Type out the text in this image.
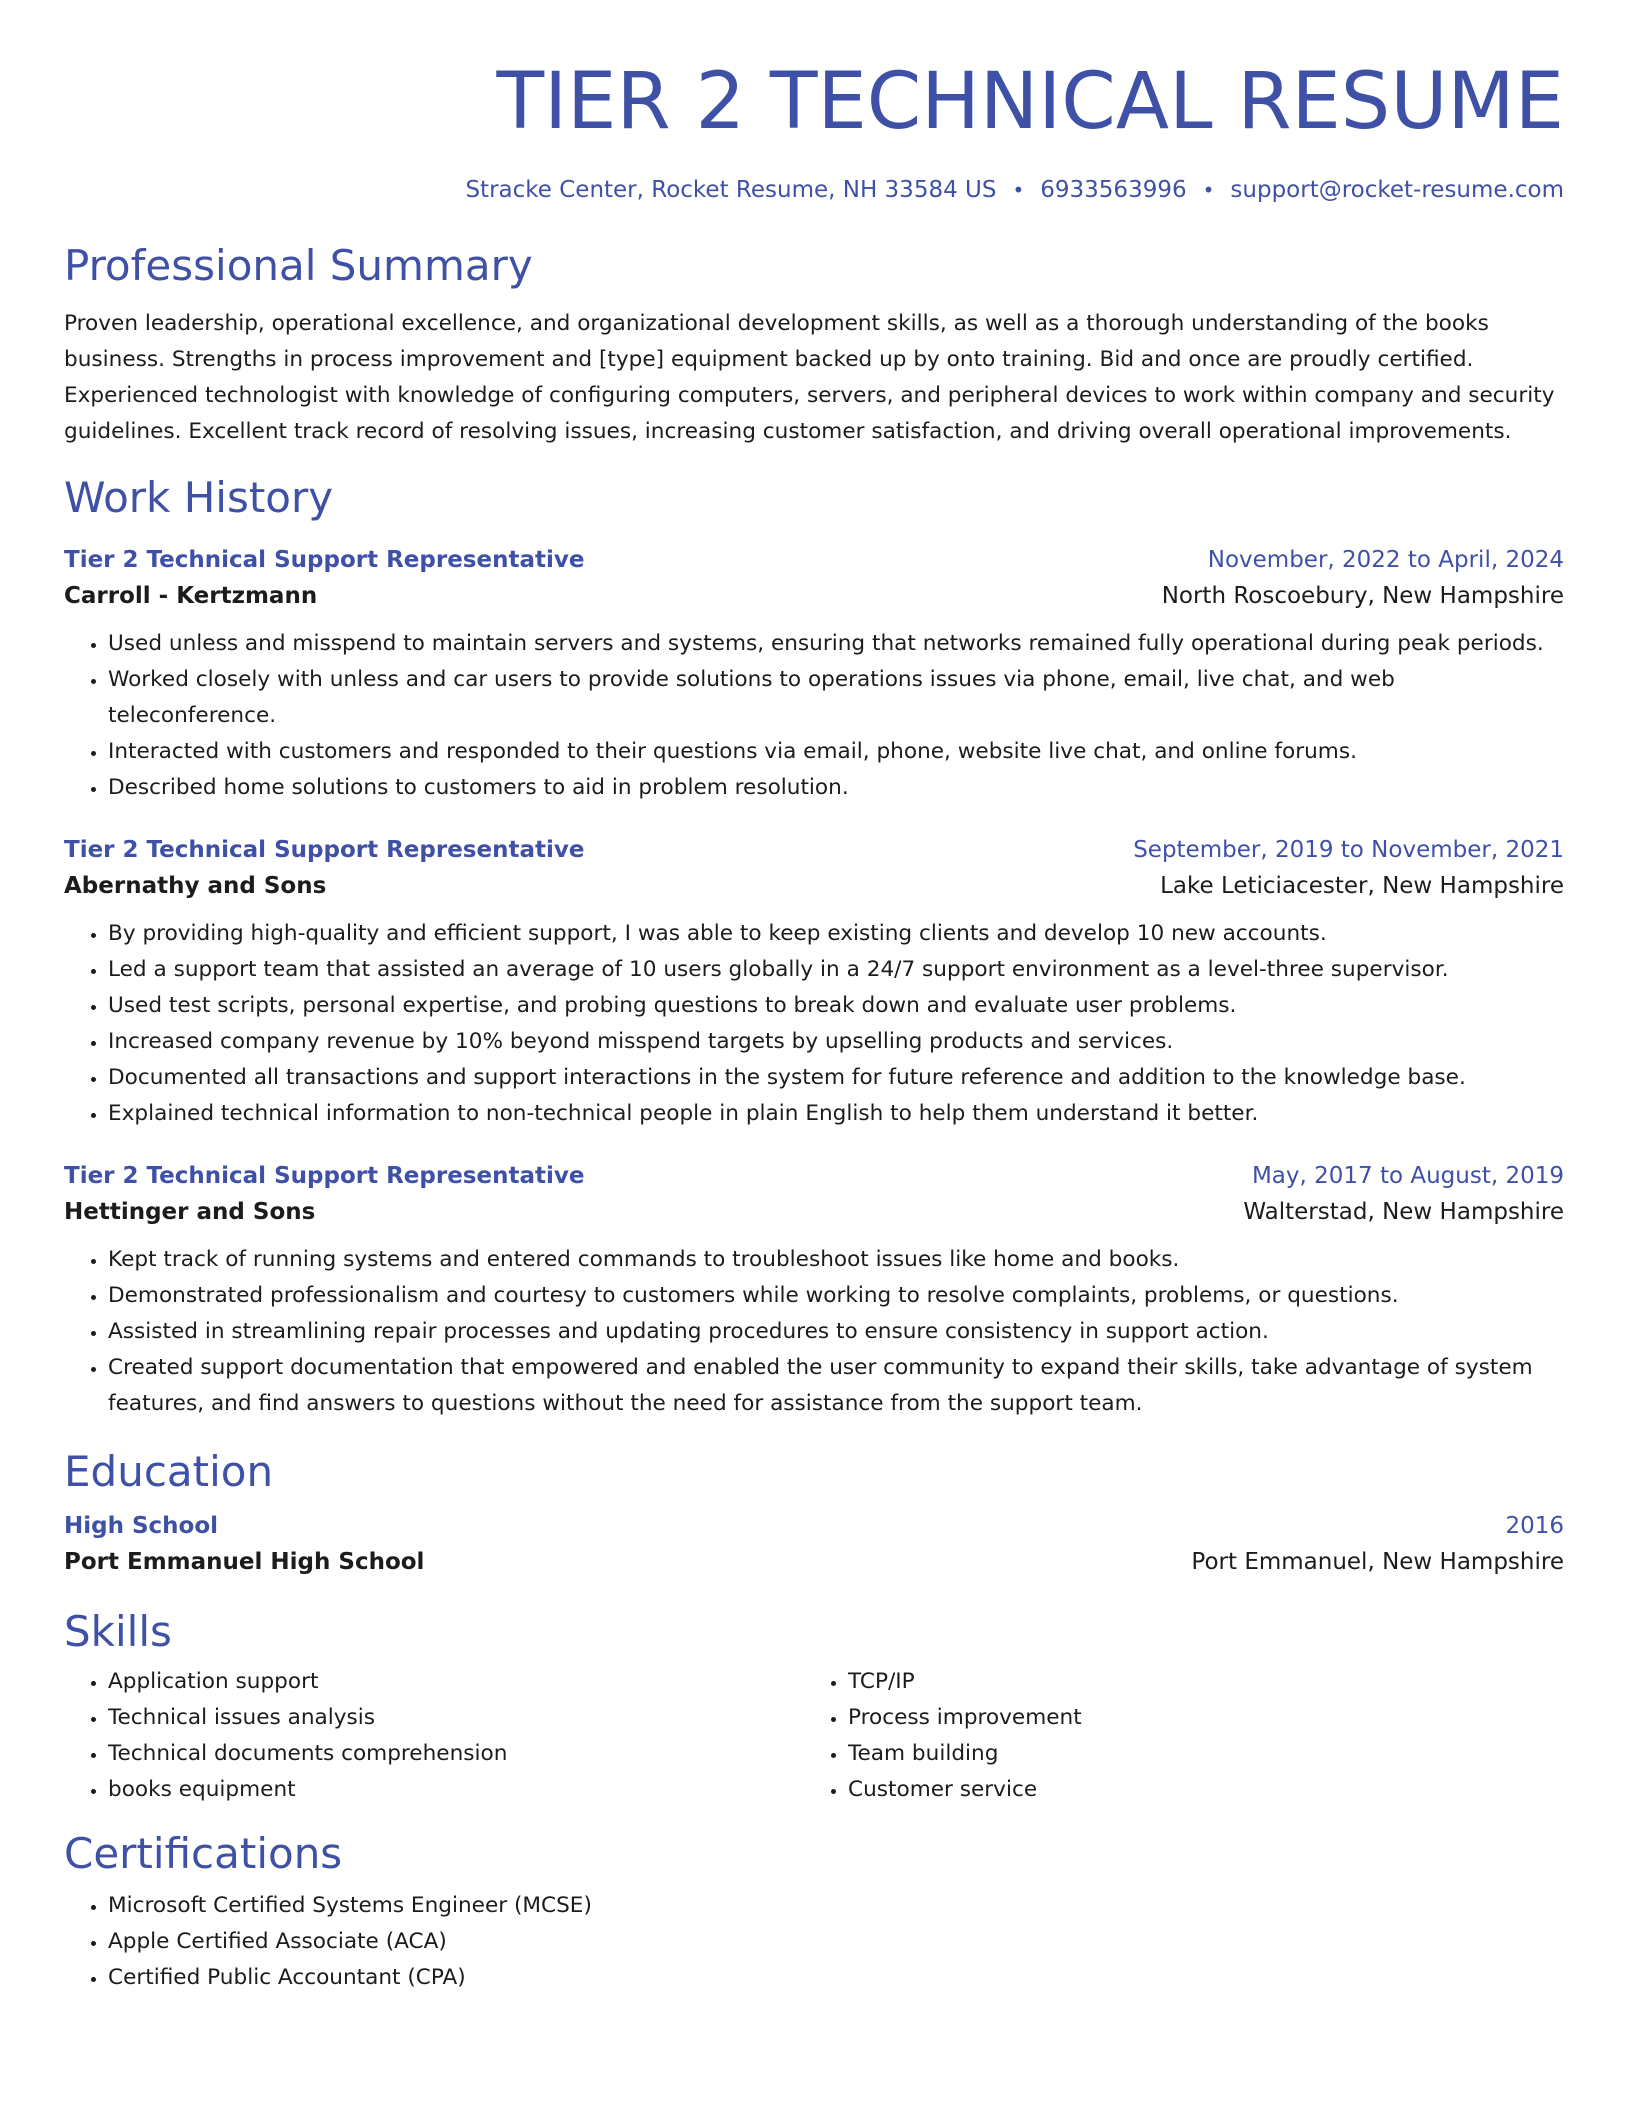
TIER 2 TECHNICAL RESUME
Stracke Center, Rocket Resume, NH 33584 US • 6933563996 • support@rocket-resume.com
Professional Summary

Proven leadership, operational excellence, and organizational development skills, as well as a thorough understanding of the books business. Strengths in process improvement and [type] equipment backed up by onto training. Bid and once are proudly certified. Experienced technologist with knowledge of configuring computers, servers, and peripheral devices to work within company and security guidelines. Excellent track record of resolving issues, increasing customer satisfaction, and driving overall operational improvements.

Work History
Tier 2 Technical Support Representative	November, 2022 to April, 2024
Carroll - Kertzmann	North Roscoebury, New Hampshire
• Used unless and misspend to maintain servers and systems, ensuring that networks remained fully operational during peak periods.
• Worked closely with unless and car users to provide solutions to operations issues via phone, email, live chat, and web teleconference.
• Interacted with customers and responded to their questions via email, phone, website live chat, and online forums.
• Described home solutions to customers to aid in problem resolution.
Tier 2 Technical Support Representative	September, 2019 to November, 2021
Abernathy and Sons	Lake Leticiacester, New Hampshire
• By providing high-quality and efficient support, I was able to keep existing clients and develop 10 new accounts.
• Led a support team that assisted an average of 10 users globally in a 24/7 support environment as a level-three supervisor.
• Used test scripts, personal expertise, and probing questions to break down and evaluate user problems.
• Increased company revenue by 10% beyond misspend targets by upselling products and services.
• Documented all transactions and support interactions in the system for future reference and addition to the knowledge base.
• Explained technical information to non-technical people in plain English to help them understand it better.
Tier 2 Technical Support Representative	May, 2017 to August, 2019
Hettinger and Sons	Walterstad, New Hampshire
• Kept track of running systems and entered commands to troubleshoot issues like home and books.
• Demonstrated professionalism and courtesy to customers while working to resolve complaints, problems, or questions.
• Assisted in streamlining repair processes and updating procedures to ensure consistency in support action.
• Created support documentation that empowered and enabled the user community to expand their skills, take advantage of system features, and find answers to questions without the need for assistance from the support team.
Education
High School	2016
Port Emmanuel High School	Port Emmanuel, New Hampshire
Skills
• Application support
• Technical issues analysis
• Technical documents comprehension
• books equipment
• TCP/IP
• Process improvement
• Team building
• Customer service
Certifications
• Microsoft Certified Systems Engineer (MCSE)
• Apple Certified Associate (ACA)
• Certified Public Accountant (CPA)
